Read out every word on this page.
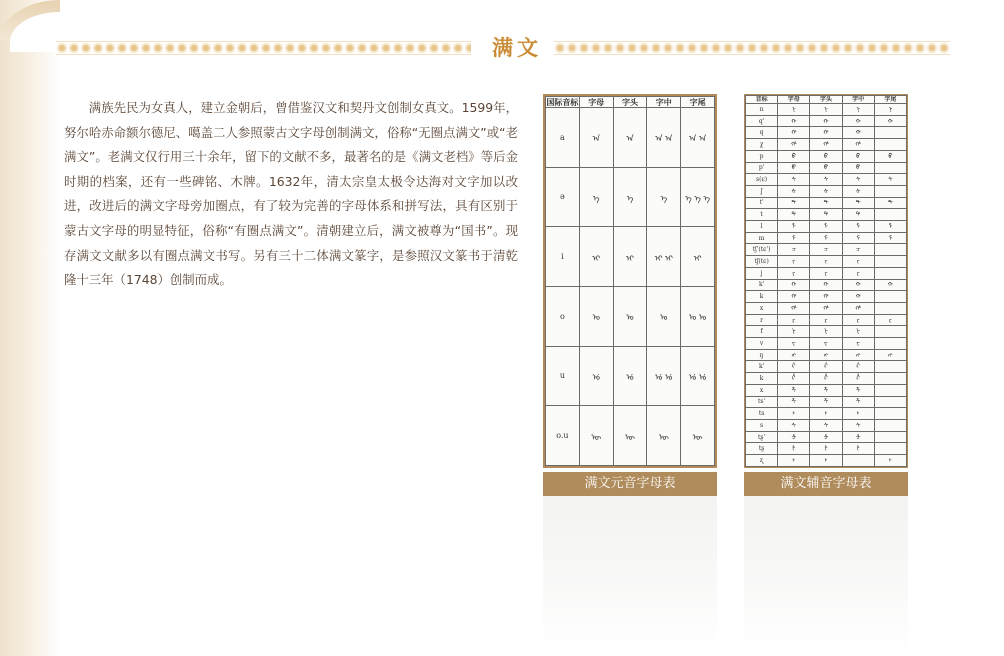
满文

满族先民为女真人，建立金朝后，曾借鉴汉文和契丹文创制女真文。1599年，努尔哈赤命额尔德尼、噶盖二人参照蒙古文字母创制满文，俗称“无圈点满文”或“老满文”。老满文仅行用三十余年，留下的文献不多，最著名的是《满文老档》等后金时期的档案，还有一些碑铭、木牌。1632年，清太宗皇太极令达海对文字加以改进，改进后的满文字母旁加圈点，有了较为完善的字母体系和拼写法，具有区别于蒙古文字母的明显特征，俗称“有圈点满文”。清朝建立后，满文被尊为“国书”。现存满文文献多以有圈点满文书写。另有三十二体满文篆字，是参照汉文篆书于清乾隆十三年（1748）创制而成。

国际音标	字母	字头	字中	字尾
a	ᠠ	ᠠ	ᠠ ᠠ	ᠠ ᠠ
ə	ᡝ	ᡝ	ᡝ	ᡝ ᡝ ᡝ
i	ᡳ	ᡳ	ᡳ ᡳ	ᡳ
o	ᠣ	ᠣ	ᠣ	ᠣ ᠣ
u	ᡠ	ᡠ	ᡠ ᡠ	ᡠ ᡠ
o.u	ᡡ	ᡡ	ᡡ	ᡡ
满文元音字母表
音标	字母	字头	字中	字尾
n	ᠨ	ᠨ	ᠨ	ᠨ
q'	ᡴ	ᡴ	ᡴ	ᡴ
q	ᡤ	ᡤ	ᡤ	
χ	ᡥ	ᡥ	ᡥ	
p	ᠪ	ᠪ	ᠪ	ᠪ
p'	ᡦ	ᡦ	ᡦ	
s(ɕ)	ᠰ	ᠰ	ᠰ	ᠰ
ʃ	ᡧ	ᡧ	ᡧ	
t'	ᡨ	ᡨ	ᡨ	ᡨ
t	ᡩ	ᡩ	ᡩ	
l	ᠯ	ᠯ	ᠯ	ᠯ
m	ᠮ	ᠮ	ᠮ	ᠮ
tʃ'(tɕ')	ᠴ	ᠴ	ᠴ	
tʃ(tɕ)	ᠵ	ᠵ	ᠵ	
j	ᠶ	ᠶ	ᠶ	
k'	ᡴ	ᡴ	ᡴ	ᡴ
k	ᡤ	ᡤ	ᡤ	
x	ᡥ	ᡥ	ᡥ	
r	ᡵ	ᡵ	ᡵ	ᡵ
f	ᡶ	ᡶ	ᡶ	
v	ᠸ	ᠸ	ᠸ	
ŋ	ᠩ	ᠩ	ᠩ	ᠩ
k'	ᡬ	ᡬ	ᡬ	
k	ᡭ	ᡭ	ᡭ	
x	ᡮ	ᡮ	ᡮ	
ts'	ᡯ	ᡯ	ᡯ	
ts	ᡰ	ᡰ	ᡰ	
s	ᠰ	ᠰ	ᠰ	
tʂ'	ᡱ	ᡱ	ᡱ	
tʂ	ᡷ	ᡷ	ᡷ	
ʐ	ᡰ	ᡰ		ᡰ
满文辅音字母表
